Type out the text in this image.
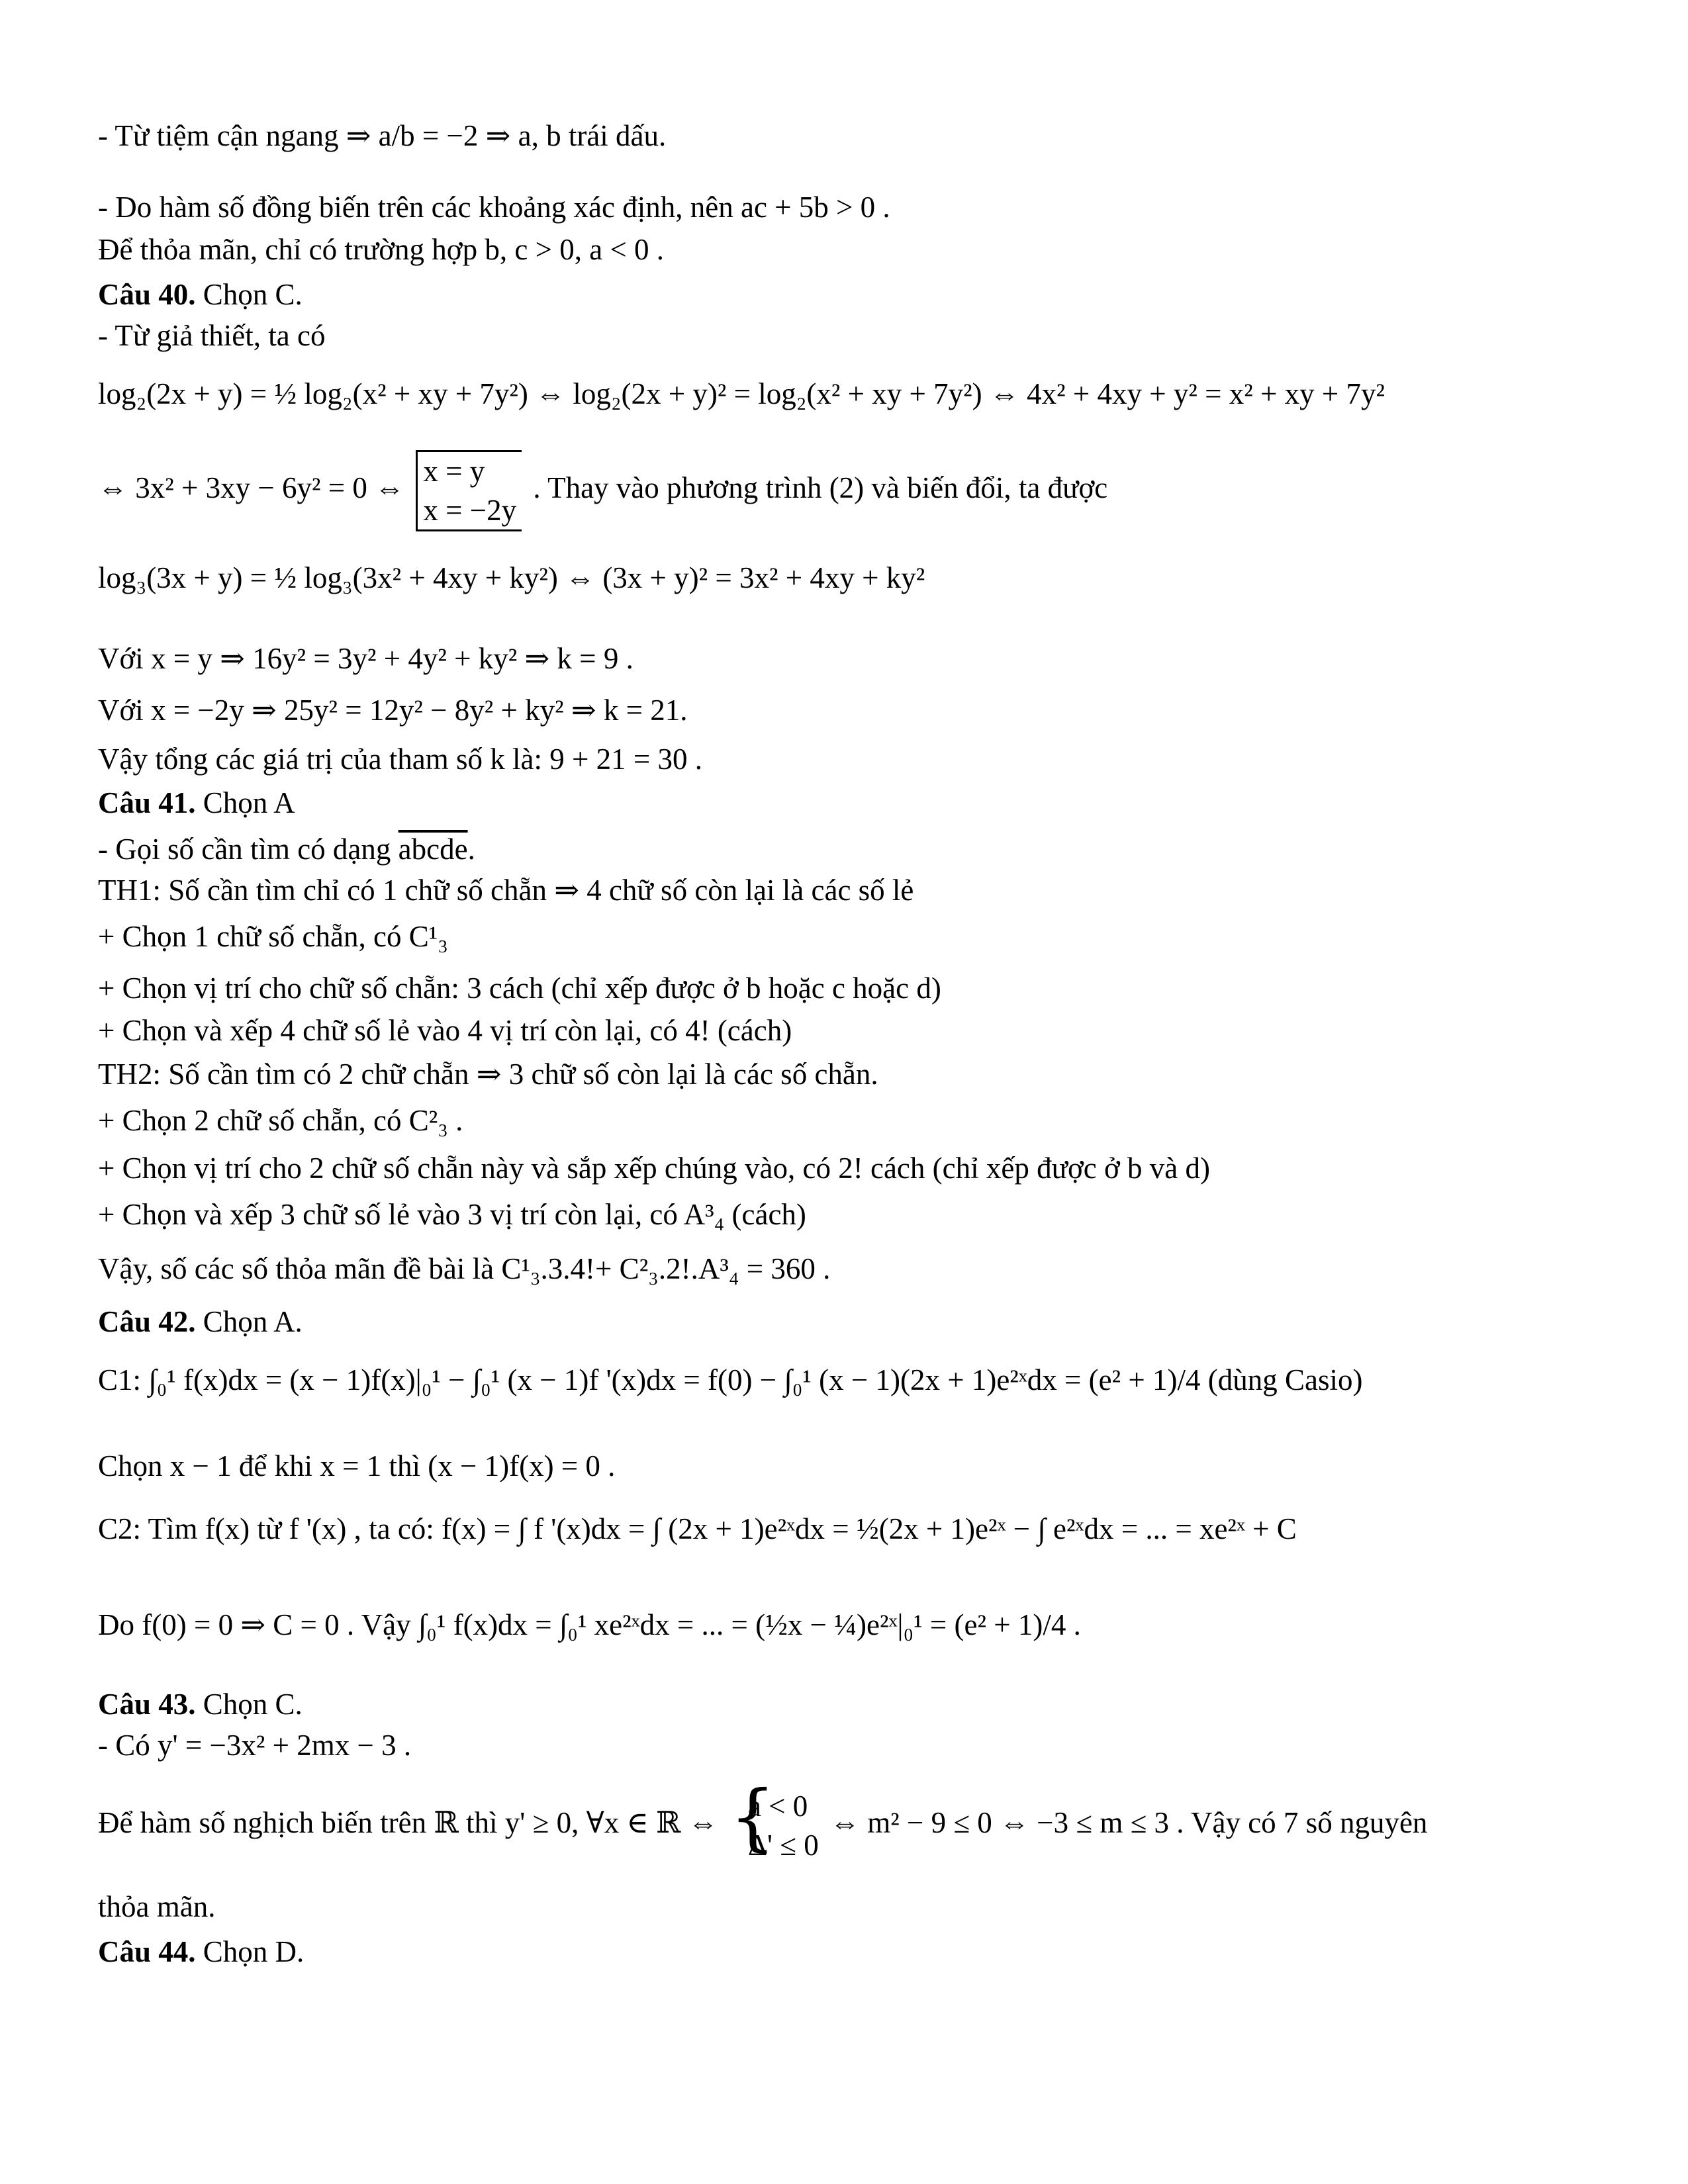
- Từ tiệm cận ngang ⇒ a/b = −2 ⇒ a, b trái dấu.
- Do hàm số đồng biến trên các khoảng xác định, nên ac + 5b > 0 .
Để thỏa mãn, chỉ có trường hợp b, c > 0, a < 0 .
Câu 40. Chọn C.
- Từ giả thiết, ta có
log₂(2x + y) = ½ log₂(x² + xy + 7y²) ⇔ log₂(2x + y)² = log₂(x² + xy + 7y²) ⇔ 4x² + 4xy + y² = x² + xy + 7y²
⇔ 3x² + 3xy − 6y² = 0 ⇔ x = y
x = −2y
. Thay vào phương trình (2) và biến đổi, ta được
log₃(3x + y) = ½ log₃(3x² + 4xy + ky²) ⇔ (3x + y)² = 3x² + 4xy + ky²
Với x = y ⇒ 16y² = 3y² + 4y² + ky² ⇒ k = 9 .
Với x = −2y ⇒ 25y² = 12y² − 8y² + ky² ⇒ k = 21.
Vậy tổng các giá trị của tham số k là: 9 + 21 = 30 .
Câu 41. Chọn A
- Gọi số cần tìm có dạng abcde.
TH1: Số cần tìm chỉ có 1 chữ số chẵn ⇒ 4 chữ số còn lại là các số lẻ
+ Chọn 1 chữ số chẵn, có C¹₃
+ Chọn vị trí cho chữ số chẵn: 3 cách (chỉ xếp được ở b hoặc c hoặc d)
+ Chọn và xếp 4 chữ số lẻ vào 4 vị trí còn lại, có 4! (cách)
TH2: Số cần tìm có 2 chữ chẵn ⇒ 3 chữ số còn lại là các số chẵn.
+ Chọn 2 chữ số chẵn, có C²₃ .
+ Chọn vị trí cho 2 chữ số chẵn này và sắp xếp chúng vào, có 2! cách (chỉ xếp được ở b và d)
+ Chọn và xếp 3 chữ số lẻ vào 3 vị trí còn lại, có A³₄ (cách)
Vậy, số các số thỏa mãn đề bài là C¹₃.3.4!+ C²₃.2!.A³₄ = 360 .
Câu 42. Chọn A.
C1: ∫₀¹ f(x)dx = (x − 1)f(x)|₀¹ − ∫₀¹ (x − 1)f '(x)dx = f(0) − ∫₀¹ (x − 1)(2x + 1)e²ˣdx = (e² + 1)/4 (dùng Casio)
Chọn x − 1 để khi x = 1 thì (x − 1)f(x) = 0 .
C2: Tìm f(x) từ f '(x) , ta có: f(x) = ∫ f '(x)dx = ∫ (2x + 1)e²ˣdx = ½(2x + 1)e²ˣ − ∫ e²ˣdx = ... = xe²ˣ + C
Do f(0) = 0 ⇒ C = 0 . Vậy ∫₀¹ f(x)dx = ∫₀¹ xe²ˣdx = ... = (½x − ¼)e²ˣ|₀¹ = (e² + 1)/4 .
Câu 43. Chọn C.
- Có y' = −3x² + 2mx − 3 .
Để hàm số nghịch biến trên ℝ thì y' ≥ 0, ∀x ∈ ℝ ⇔ { a < 0
Δ' ≤ 0
⇔ m² − 9 ≤ 0 ⇔ −3 ≤ m ≤ 3 . Vậy có 7 số nguyên
thỏa mãn.
Câu 44. Chọn D.
